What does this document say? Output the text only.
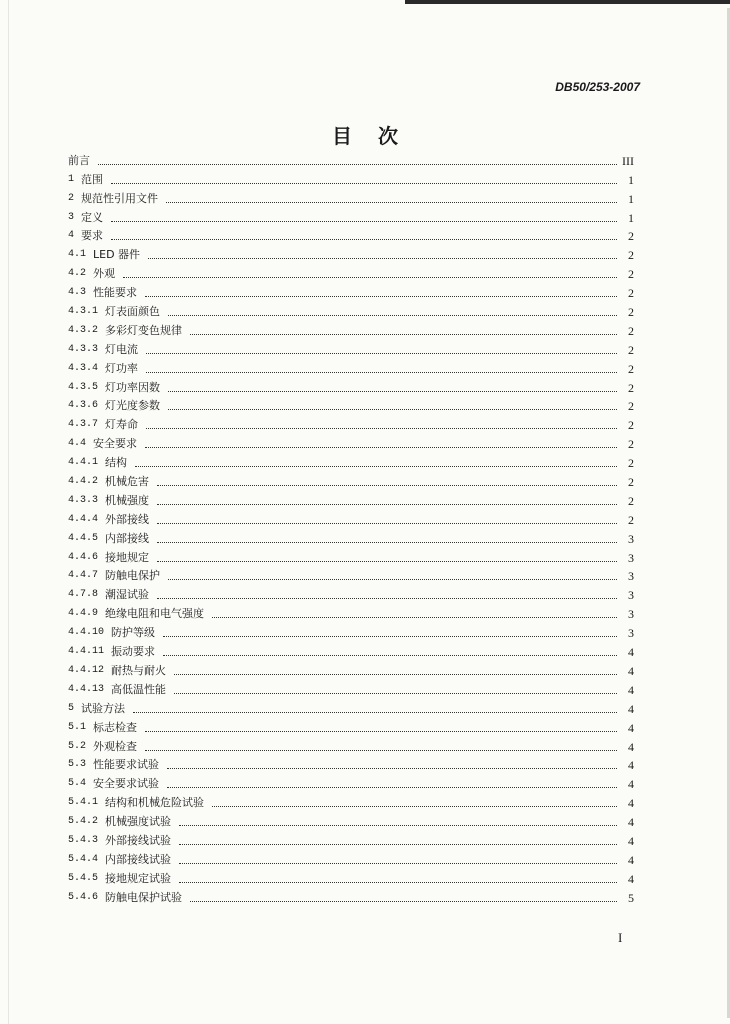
DB50/253-2007
目 次
前言	III
1 范围	1
2 规范性引用文件	1
3 定义	1
4 要求	2
4.1 LED 器件	2
4.2 外观	2
4.3 性能要求	2
4.3.1 灯表面颜色	2
4.3.2 多彩灯变色规律	2
4.3.3 灯电流	2
4.3.4 灯功率	2
4.3.5 灯功率因数	2
4.3.6 灯光度参数	2
4.3.7 灯寿命	2
4.4 安全要求	2
4.4.1 结构	2
4.4.2 机械危害	2
4.3.3 机械强度	2
4.4.4 外部接线	2
4.4.5 内部接线	3
4.4.6 接地规定	3
4.4.7 防触电保护	3
4.7.8 潮湿试验	3
4.4.9 绝缘电阻和电气强度	3
4.4.10 防护等级	3
4.4.11 振动要求	4
4.4.12 耐热与耐火	4
4.4.13 高低温性能	4
5 试验方法	4
5.1 标志检查	4
5.2 外观检查	4
5.3 性能要求试验	4
5.4 安全要求试验	4
5.4.1 结构和机械危险试验	4
5.4.2 机械强度试验	4
5.4.3 外部接线试验	4
5.4.4 内部接线试验	4
5.4.5 接地规定试验	4
5.4.6 防触电保护试验	5
I
